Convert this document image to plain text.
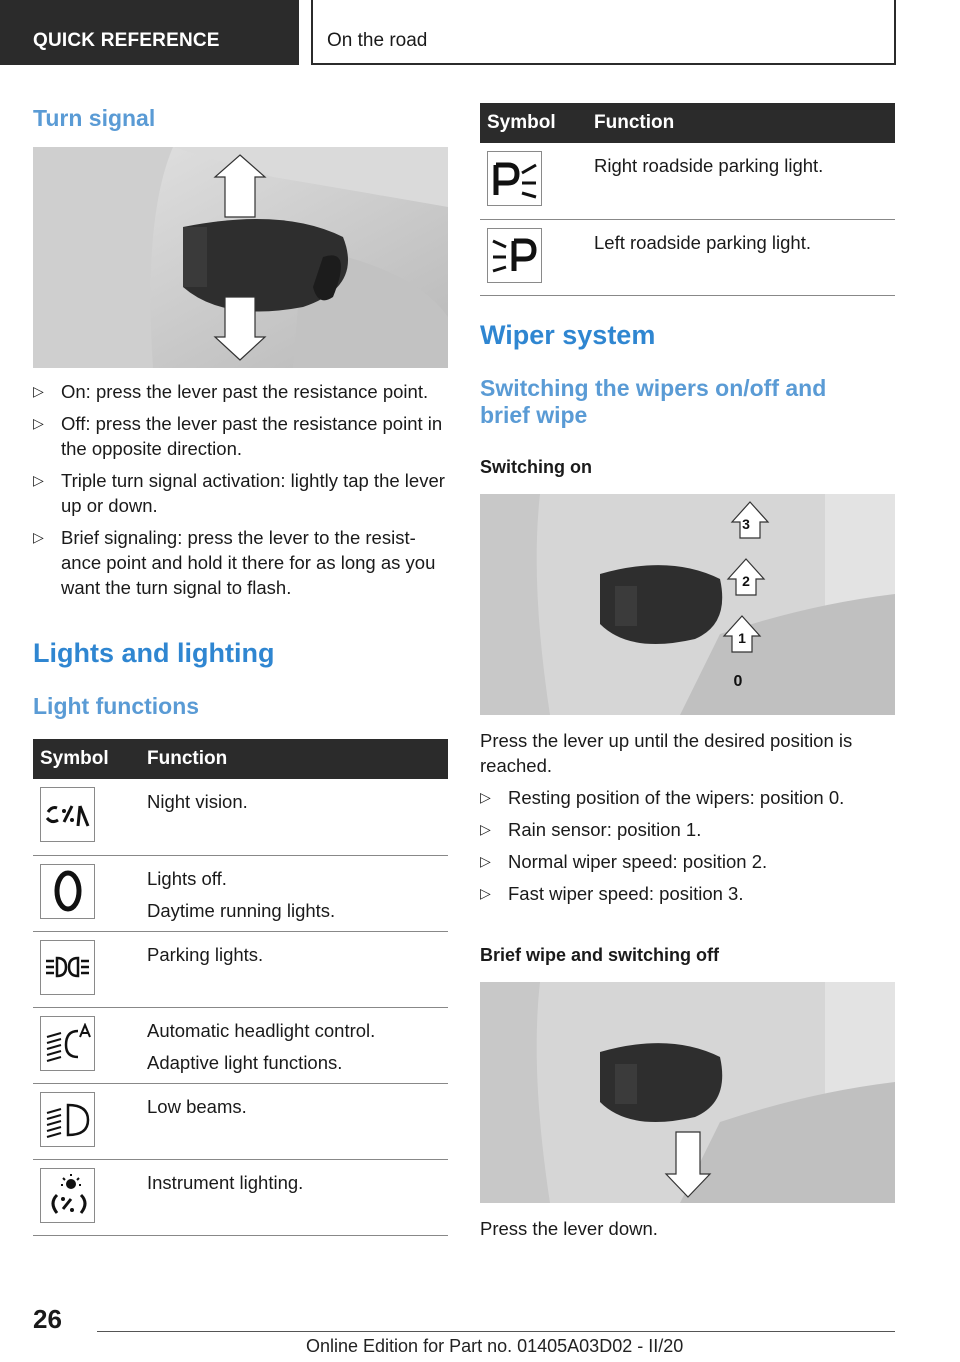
QUICK REFERENCE	On the road
Turn signal
▷ On: press the lever past the resistance point.
▷ Off: press the lever past the resistance point in the opposite direction.
▷ Triple turn signal activation: lightly tap the lever up or down.
▷ Brief signaling: press the lever to the resist‐ance point and hold it there for as long as you want the turn signal to flash.
Lights and lighting
Light functions
Symbol	Function

Night vision.

Lights off.
Daytime running lights.

Parking lights.

Automatic headlight control.
Adaptive light functions.

Low beams.

Instrument lighting.
Symbol	Function

Right roadside parking light.

Left roadside parking light.
Wiper system
Switching the wipers on/off and brief wipe
Switching on
3
2
1
0
Press the lever up until the desired position is reached.
▷ Resting position of the wipers: position 0.
▷ Rain sensor: position 1.
▷ Normal wiper speed: position 2.
▷ Fast wiper speed: position 3.
Brief wipe and switching off
Press the lever down.
26
Online Edition for Part no. 01405A03D02 - II/20
